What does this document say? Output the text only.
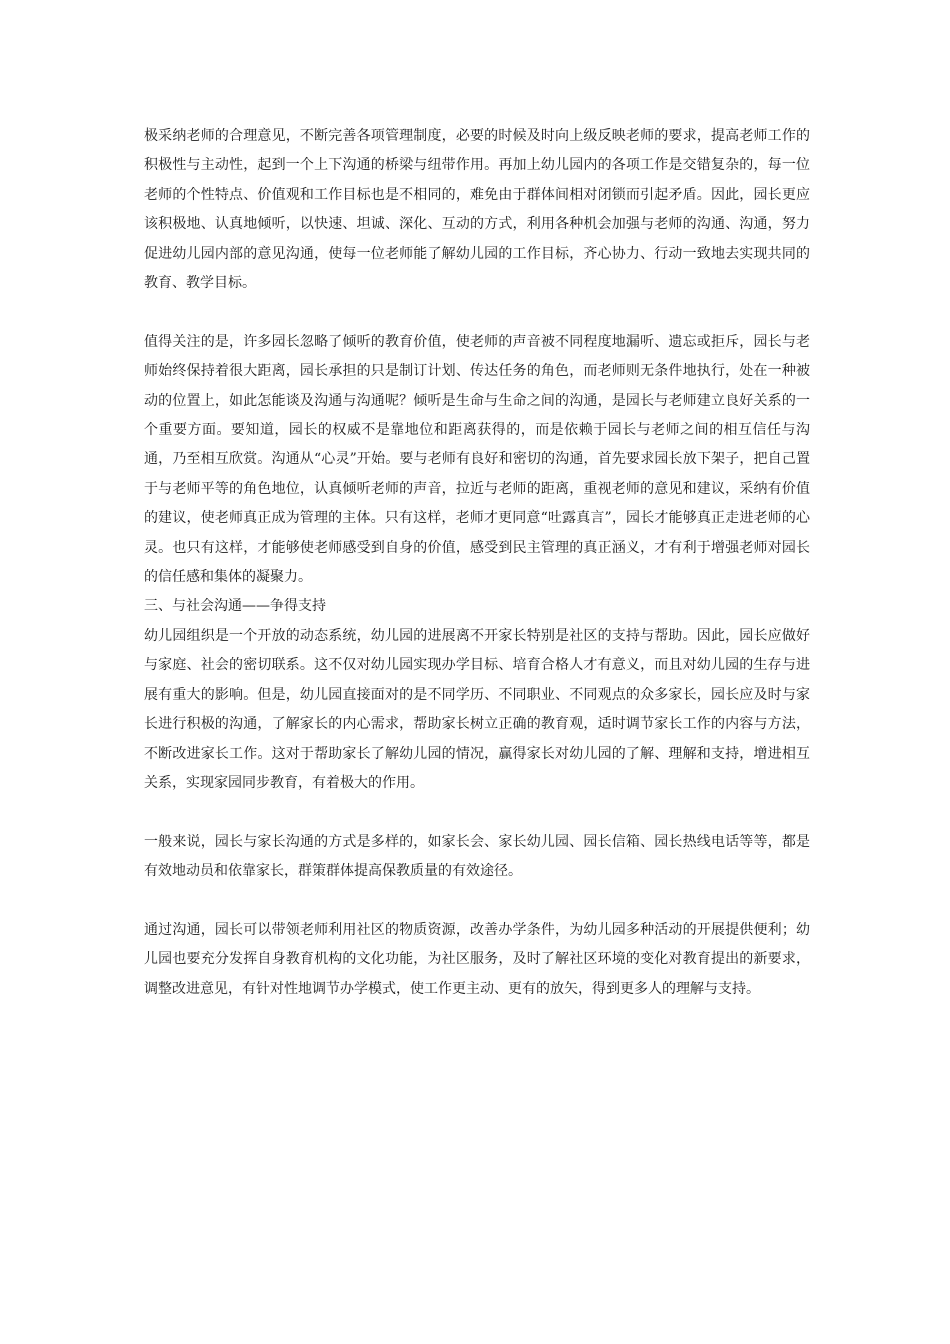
极采纳老师的合理意见，不断完善各项管理制度，必要的时候及时向上级反映老师的要求，提高老师工作的积极性与主动性，起到一个上下沟通的桥梁与纽带作用。再加上幼儿园内的各项工作是交错复杂的，每一位老师的个性特点、价值观和工作目标也是不相同的，难免由于群体间相对闭锁而引起矛盾。因此，园长更应该积极地、认真地倾听，以快速、坦诚、深化、互动的方式，利用各种机会加强与老师的沟通、沟通，努力促进幼儿园内部的意见沟通，使每一位老师能了解幼儿园的工作目标，齐心协力、行动一致地去实现共同的教育、教学目标。

值得关注的是，许多园长忽略了倾听的教育价值，使老师的声音被不同程度地漏听、遗忘或拒斥，园长与老师始终保持着很大距离，园长承担的只是制订计划、传达任务的角色，而老师则无条件地执行，处在一种被动的位置上，如此怎能谈及沟通与沟通呢？倾听是生命与生命之间的沟通，是园长与老师建立良好关系的一个重要方面。要知道，园长的权威不是靠地位和距离获得的，而是依赖于园长与老师之间的相互信任与沟通，乃至相互欣赏。沟通从“心灵”开始。要与老师有良好和密切的沟通，首先要求园长放下架子，把自己置于与老师平等的角色地位，认真倾听老师的声音，拉近与老师的距离，重视老师的意见和建议，采纳有价值的建议，使老师真正成为管理的主体。只有这样，老师才更同意“吐露真言”，园长才能够真正走进老师的心灵。也只有这样，才能够使老师感受到自身的价值，感受到民主管理的真正涵义，才有利于增强老师对园长的信任感和集体的凝聚力。

三、与社会沟通——争得支持

幼儿园组织是一个开放的动态系统，幼儿园的进展离不开家长特别是社区的支持与帮助。因此，园长应做好与家庭、社会的密切联系。这不仅对幼儿园实现办学目标、培育合格人才有意义，而且对幼儿园的生存与进展有重大的影响。但是，幼儿园直接面对的是不同学历、不同职业、不同观点的众多家长，园长应及时与家长进行积极的沟通，了解家长的内心需求，帮助家长树立正确的教育观，适时调节家长工作的内容与方法，不断改进家长工作。这对于帮助家长了解幼儿园的情况，赢得家长对幼儿园的了解、理解和支持，增进相互关系，实现家园同步教育，有着极大的作用。

一般来说，园长与家长沟通的方式是多样的，如家长会、家长幼儿园、园长信箱、园长热线电话等等，都是有效地动员和依靠家长，群策群体提高保教质量的有效途径。

通过沟通，园长可以带领老师利用社区的物质资源，改善办学条件，为幼儿园多种活动的开展提供便利；幼儿园也要充分发挥自身教育机构的文化功能，为社区服务，及时了解社区环境的变化对教育提出的新要求，调整改进意见，有针对性地调节办学模式，使工作更主动、更有的放矢，得到更多人的理解与支持。
